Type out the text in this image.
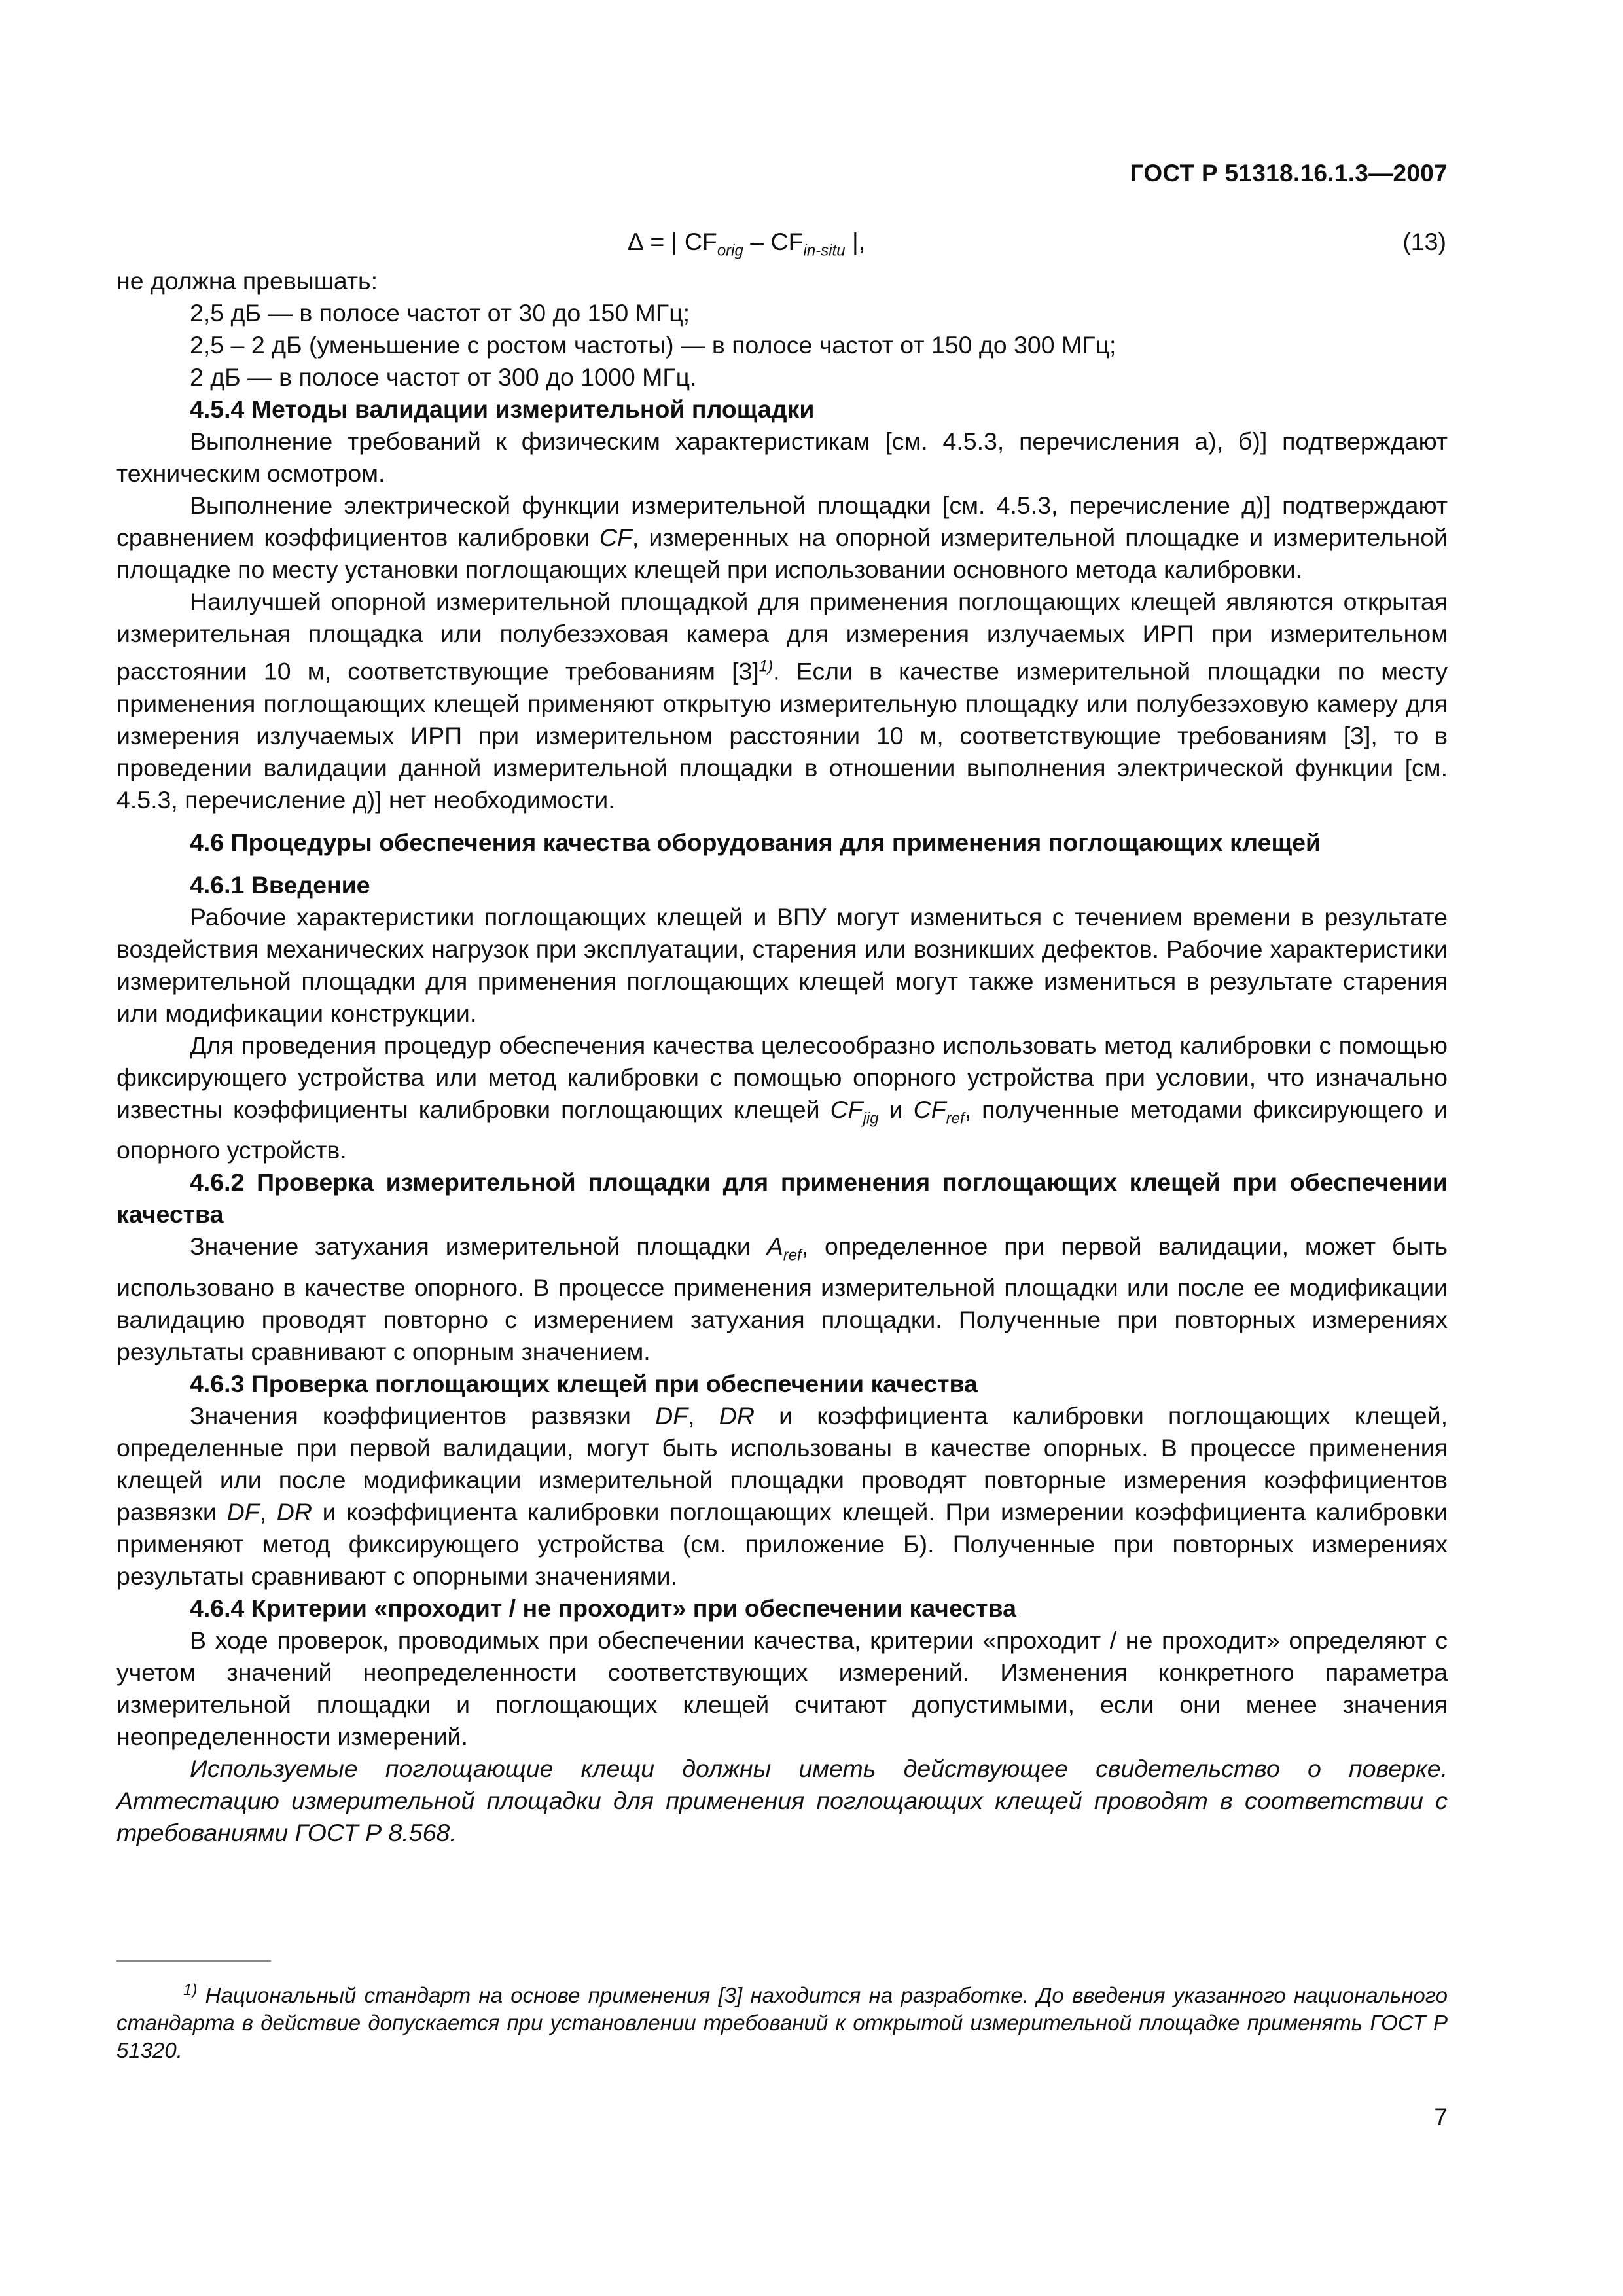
ГОСТ Р 51318.16.1.3—2007
∆ = | $CF_{orig} - CF_{in-situ}$ |,	(13)

не должна превышать:

2,5 дБ — в полосе частот от 30 до 150 МГц;

2,5 – 2 дБ (уменьшение с ростом частоты) — в полосе частот от 150 до 300 МГц;

2 дБ — в полосе частот от 300 до 1000 МГц.

4.5.4 Методы валидации измерительной площадки

Выполнение требований к физическим характеристикам [см. 4.5.3, перечисления а), б)] подтверждают техническим осмотром.

Выполнение электрической функции измерительной площадки [см. 4.5.3, перечисление д)] подтверждают сравнением коэффициентов калибровки CF, измеренных на опорной измерительной площадке и измерительной площадке по месту установки поглощающих клещей при использовании основного метода калибровки.

Наилучшей опорной измерительной площадкой для применения поглощающих клещей являются открытая измерительная площадка или полубезэховая камера для измерения излучаемых ИРП при измерительном расстоянии 10 м, соответствующие требованиям $[3]^{1)}$. Если в качестве измерительной площадки по месту применения поглощающих клещей применяют открытую измерительную площадку или полубезэховую камеру для измерения излучаемых ИРП при измерительном расстоянии 10 м, соответствующие требованиям [3], то в проведении валидации данной измерительной площадки в отношении выполнения электрической функции [см. 4.5.3, перечисление д)] нет необходимости.

4.6 Процедуры обеспечения качества оборудования для применения поглощающих клещей

4.6.1 Введение

Рабочие характеристики поглощающих клещей и ВПУ могут измениться с течением времени в результате воздействия механических нагрузок при эксплуатации, старения или возникших дефектов. Рабочие характеристики измерительной площадки для применения поглощающих клещей могут также измениться в результате старения или модификации конструкции.

Для проведения процедур обеспечения качества целесообразно использовать метод калибровки с помощью фиксирующего устройства или метод калибровки с помощью опорного устройства при условии, что изначально известны коэффициенты калибровки поглощающих клещей $CF_{jig}$ и $CF_{ref}$, полученные методами фиксирующего и опорного устройств.

4.6.2 Проверка измерительной площадки для применения поглощающих клещей при обеспечении качества

Значение затухания измерительной площадки $A_{ref}$, определенное при первой валидации, может быть использовано в качестве опорного. В процессе применения измерительной площадки или после ее модификации валидацию проводят повторно с измерением затухания площадки. Полученные при повторных измерениях результаты сравнивают с опорным значением.

4.6.3 Проверка поглощающих клещей при обеспечении качества

Значения коэффициентов развязки DF, DR и коэффициента калибровки поглощающих клещей, определенные при первой валидации, могут быть использованы в качестве опорных. В процессе применения клещей или после модификации измерительной площадки проводят повторные измерения коэффициентов развязки DF, DR и коэффициента калибровки поглощающих клещей. При измерении коэффициента калибровки применяют метод фиксирующего устройства (см. приложение Б). Полученные при повторных измерениях результаты сравнивают с опорными значениями.

4.6.4 Критерии «проходит / не проходит» при обеспечении качества

В ходе проверок, проводимых при обеспечении качества, критерии «проходит / не проходит» определяют с учетом значений неопределенности соответствующих измерений. Изменения конкретного параметра измерительной площадки и поглощающих клещей считают допустимыми, если они менее значения неопределенности измерений.

Используемые поглощающие клещи должны иметь действующее свидетельство о поверке. Аттестацию измерительной площадки для применения поглощающих клещей проводят в соответствии с требованиями ГОСТ Р 8.568.

$^{1)}$ Национальный стандарт на основе применения [3] находится на разработке. До введения указанного национального стандарта в действие допускается при установлении требований к открытой измерительной площадке применять ГОСТ Р 51320.

7
